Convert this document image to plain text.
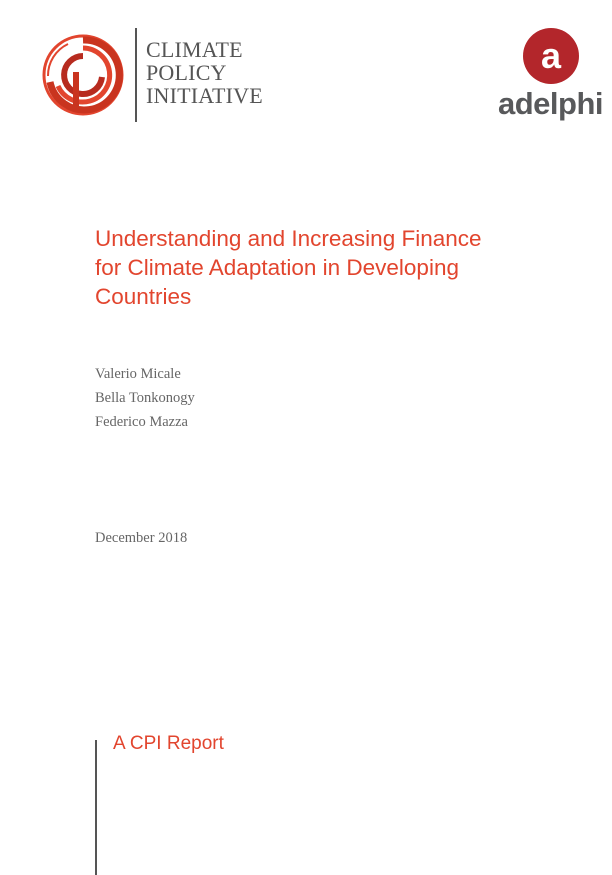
CLIMATE
POLICY
INITIATIVE
a
adelphi
Understanding and Increasing Finance
for Climate Adaptation in Developing
Countries
Valerio Micale
Bella Tonkonogy
Federico Mazza
December 2018
A CPI Report
